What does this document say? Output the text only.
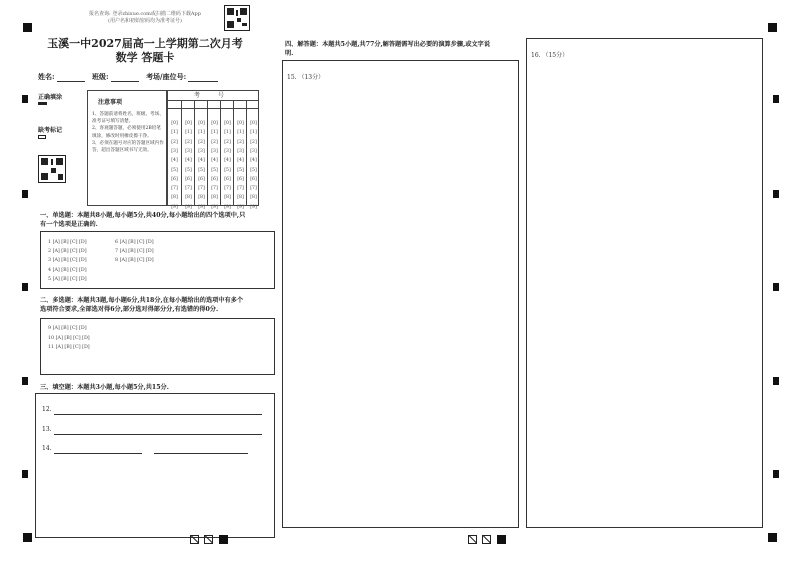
报名查询: 登录zhixue.com或扫描二维码下载App
(用户名和初始密码均为准考证号)
玉溪一中2027届高一上学期第二次月考
数学 答题卡
姓名:	班级:	考场/座位号:
正确填涂
缺考标记
注意事项
1、答题前请将姓名、班级、考场、准考证号填写清楚。
2、客观题答题，必须使用2B铅笔填涂，修改时用橡皮擦干净。
3、必须在题号对应的答题区域内作答，超出答题区域书写无效。
考 号
[0]
[1]
[2]
[3]
[4]
[5]
[6]
[7]
[8]
[9]
[0]
[1]
[2]
[3]
[4]
[5]
[6]
[7]
[8]
[9]
[0]
[1]
[2]
[3]
[4]
[5]
[6]
[7]
[8]
[9]
[0]
[1]
[2]
[3]
[4]
[5]
[6]
[7]
[8]
[9]
[0]
[1]
[2]
[3]
[4]
[5]
[6]
[7]
[8]
[9]
[0]
[1]
[2]
[3]
[4]
[5]
[6]
[7]
[8]
[9]
[0]
[1]
[2]
[3]
[4]
[5]
[6]
[7]
[8]
[9]
一、单选题：本题共8小题,每小题5分,共40分,每小题给出的四个选项中,只
有一个选项是正确的.
1 [A] [B] [C] [D]
2 [A] [B] [C] [D]
3 [A] [B] [C] [D]
4 [A] [B] [C] [D]
5 [A] [B] [C] [D]
6 [A] [B] [C] [D]
7 [A] [B] [C] [D]
8 [A] [B] [C] [D]
二、多选题：本题共3题,每小题6分,共18分,在每小题给出的选项中有多个
选项符合要求,全部选对得6分,部分选对得部分分,有选错的得0分.
9 [A] [B] [C] [D]
10 [A] [B] [C] [D]
11 [A] [B] [C] [D]
三、填空题：本题共3小题,每小题5分,共15分.
12.
13.
14.
四、解答题：本题共5小题,共77分,解答题需写出必要的演算步骤,或文字说
明.
15. （13分）
16. （15分）
